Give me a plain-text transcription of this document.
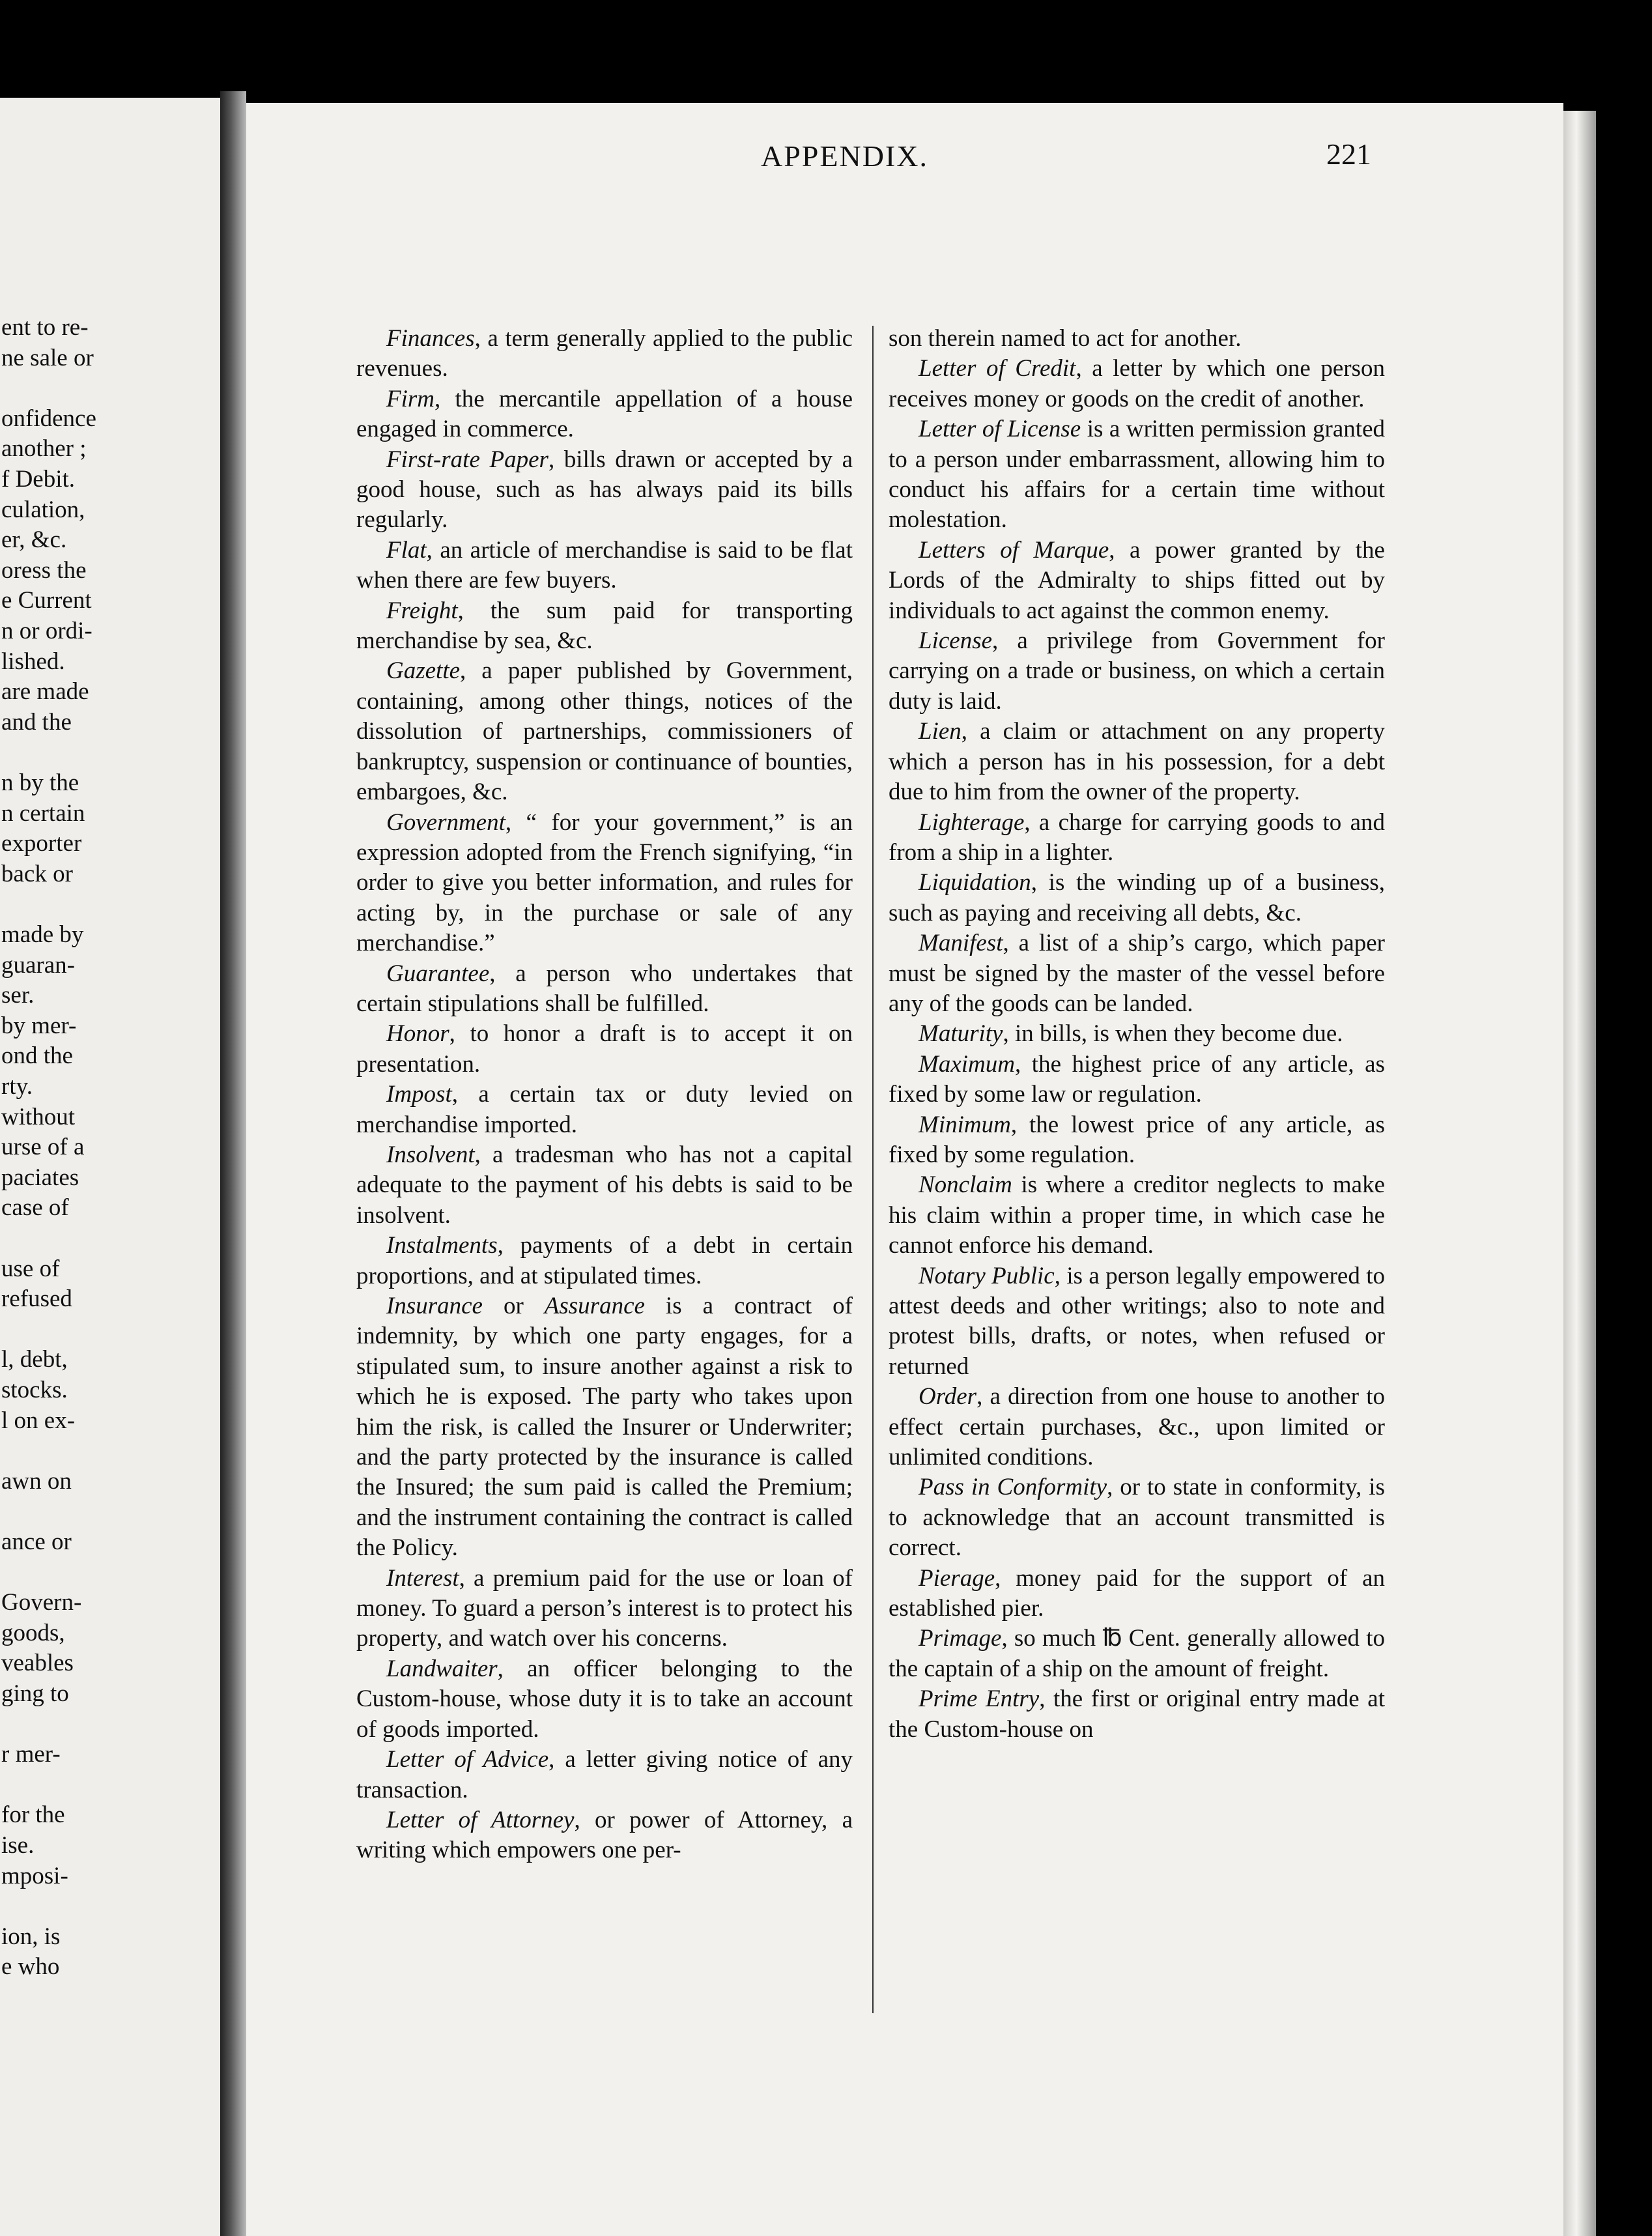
ent to re-
ne sale or
onfidence
another ;
f Debit.
culation,
er, &c.
oress the
e Current
n or ordi-
lished.
are made
and the
n by the
n certain
exporter
back or
made by
guaran-
ser.
by mer-
ond the
rty.
without
urse of a
paciates
case of
use of
refused
l, debt,
stocks.
l on ex-
awn on
ance or
Govern-
goods,
veables
ging to
r mer-
for the
ise.
mposi-
ion, is
e who
APPENDIX.	221

Finances, a term generally applied to the public revenues.

Firm, the mercantile appellation of a house engaged in commerce.

First-rate Paper, bills drawn or accepted by a good house, such as has always paid its bills regularly.

Flat, an article of merchandise is said to be flat when there are few buyers.

Freight, the sum paid for transporting merchandise by sea, &c.

Gazette, a paper published by Government, containing, among other things, notices of the dissolution of partnerships, commissioners of bankruptcy, suspension or continuance of bounties, embargoes, &c.

Government, “ for your government,” is an expression adopted from the French signifying, “in order to give you better information, and rules for acting by, in the purchase or sale of any merchandise.”

Guarantee, a person who undertakes that certain stipulations shall be fulfilled.

Honor, to honor a draft is to accept it on presentation.

Impost, a certain tax or duty levied on merchandise imported.

Insolvent, a tradesman who has not a capital adequate to the payment of his debts is said to be insolvent.

Instalments, payments of a debt in certain proportions, and at stipulated times.

Insurance or Assurance is a contract of indemnity, by which one party engages, for a stipulated sum, to insure another against a risk to which he is exposed. The party who takes upon him the risk, is called the Insurer or Underwriter; and the party protected by the insurance is called the Insured; the sum paid is called the Premium; and the instrument containing the contract is called the Policy.

Interest, a premium paid for the use or loan of money. To guard a person’s interest is to protect his property, and watch over his concerns.

Landwaiter, an officer belonging to the Custom-house, whose duty it is to take an account of goods imported.

Letter of Advice, a letter giving notice of any transaction.

Letter of Attorney, or power of Attorney, a writing which empowers one per-

son therein named to act for another.

Letter of Credit, a letter by which one person receives money or goods on the credit of another.

Letter of License is a written permission granted to a person under embarrassment, allowing him to conduct his affairs for a certain time without molestation.

Letters of Marque, a power granted by the Lords of the Admiralty to ships fitted out by individuals to act against the common enemy.

License, a privilege from Government for carrying on a trade or business, on which a certain duty is laid.

Lien, a claim or attachment on any property which a person has in his possession, for a debt due to him from the owner of the property.

Lighterage, a charge for carrying goods to and from a ship in a lighter.

Liquidation, is the winding up of a business, such as paying and receiving all debts, &c.

Manifest, a list of a ship’s cargo, which paper must be signed by the master of the vessel before any of the goods can be landed.

Maturity, in bills, is when they become due.

Maximum, the highest price of any article, as fixed by some law or regulation.

Minimum, the lowest price of any article, as fixed by some regulation.

Nonclaim is where a creditor neglects to make his claim within a proper time, in which case he cannot enforce his demand.

Notary Public, is a person legally empowered to attest deeds and other writings; also to note and protest bills, drafts, or notes, when refused or returned

Order, a direction from one house to another to effect certain purchases, &c., upon limited or unlimited conditions.

Pass in Conformity, or to state in conformity, is to acknowledge that an account transmitted is correct.

Pierage, money paid for the support of an established pier.

Primage, so much ℔ Cent. generally allowed to the captain of a ship on the amount of freight.

Prime Entry, the first or original entry made at the Custom-house on
